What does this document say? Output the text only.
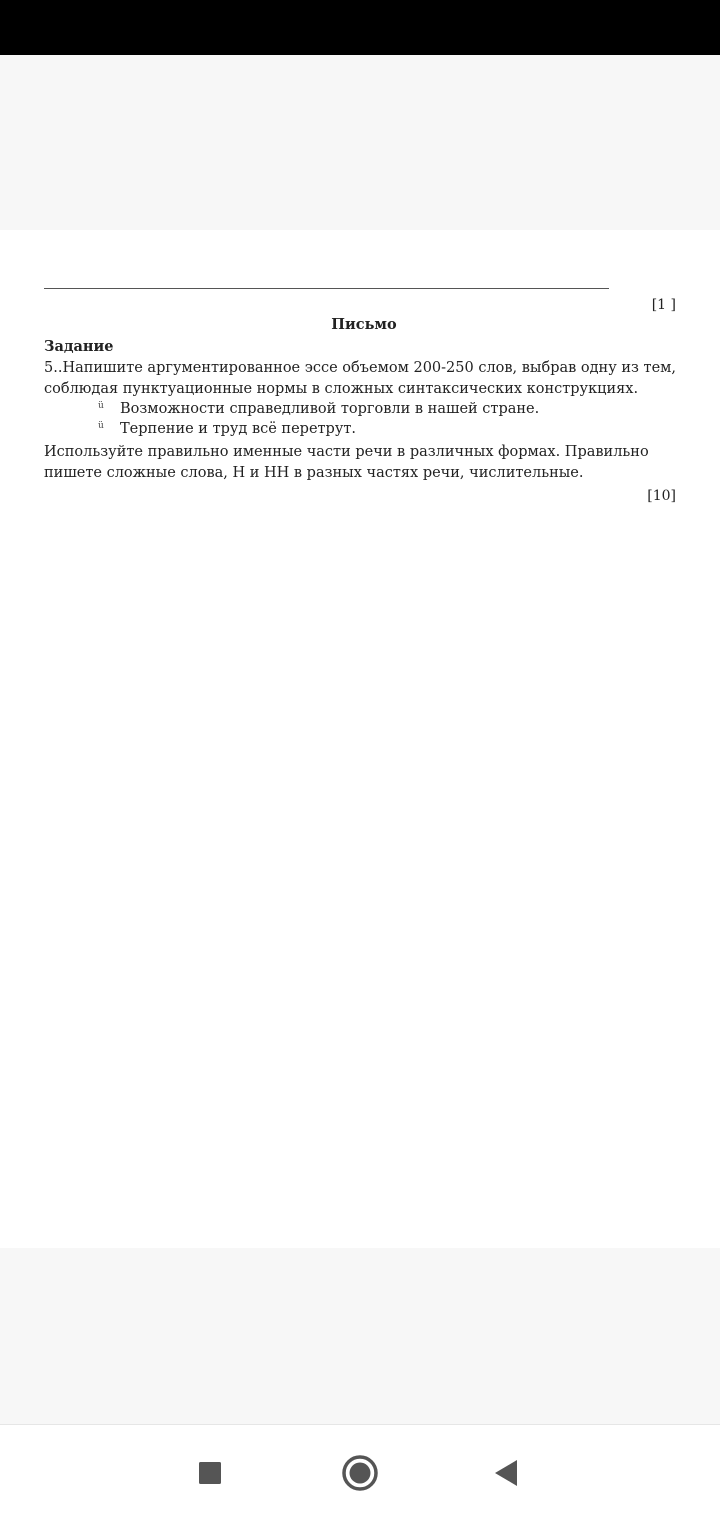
[1 ]
Письмо
Задание
5..Напишите аргументированное эссе объемом 200-250 слов, выбрав одну из тем, соблюдая пунктуационные нормы в сложных синтаксических конструкциях.
ü	Возможности справедливой торговли в нашей стране.
ü	Терпение и труд всё перетрут.
Используйте правильно именные части речи в различных формах. Правильно пишете сложные слова, Н и НН в разных частях речи, числительные.
[10]
